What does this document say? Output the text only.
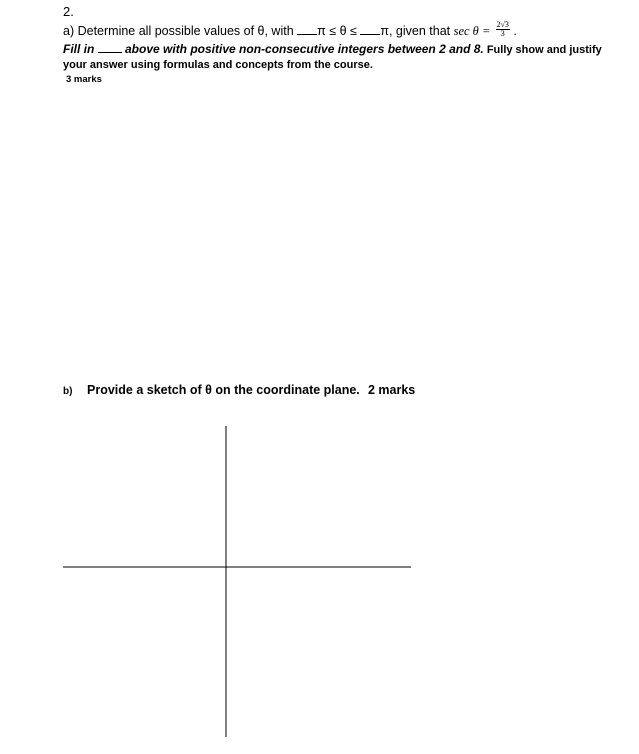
2.
a) Determine all possible values of θ, with π ≤ θ ≤ π, given that $\sec \theta = \frac{2√3}{3}$ .
Fill in  above with positive non-consecutive integers between 2 and 8. Fully show and justify
your answer using formulas and concepts from the course.
3 marks
b) Provide a sketch of θ on the coordinate plane. 2 marks
